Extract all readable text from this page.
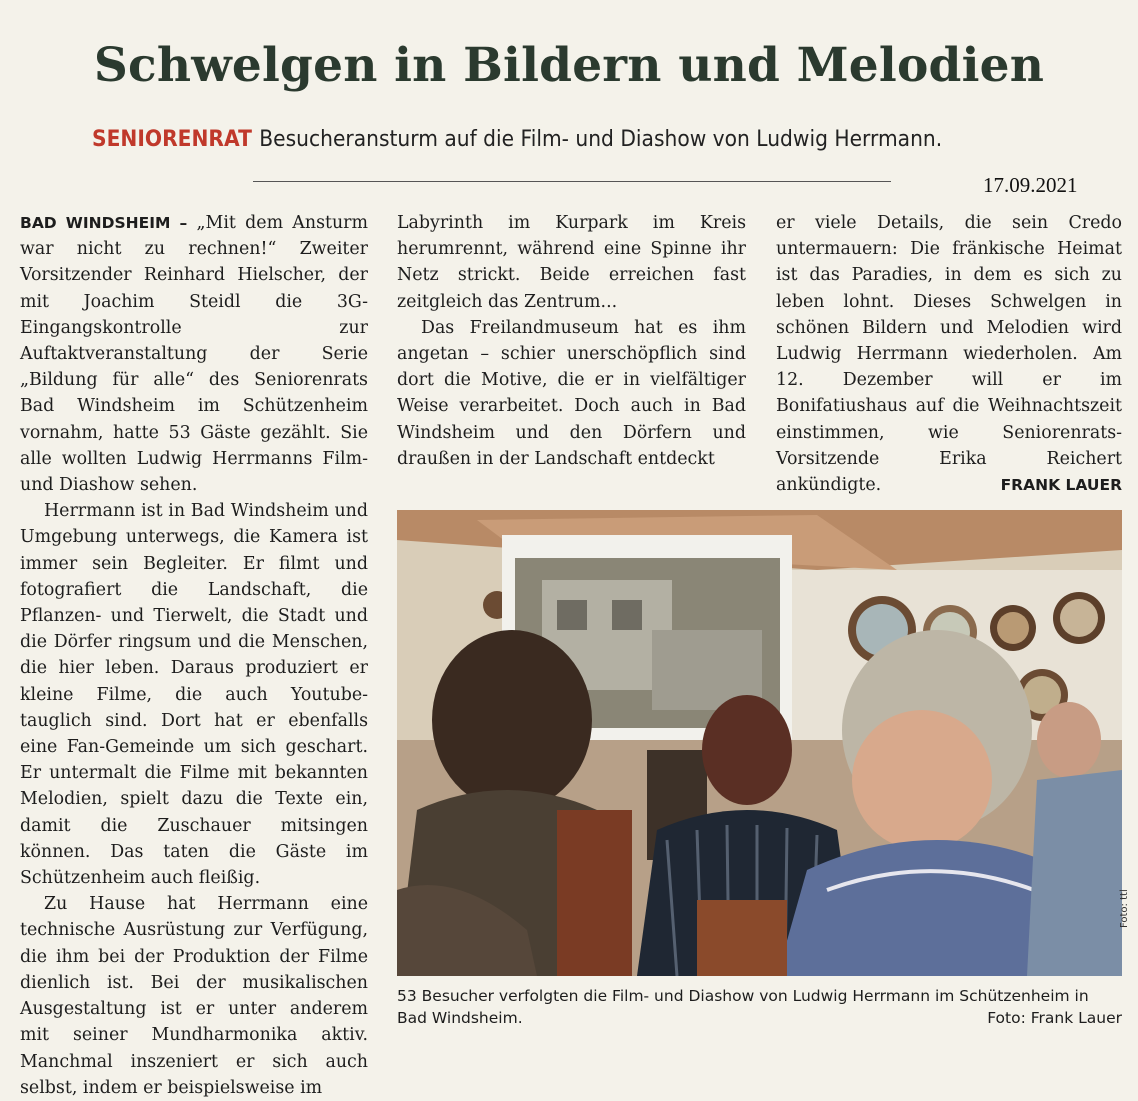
Schwelgen in Bildern und Melodien
SENIORENRAT Besucheransturm auf die Film- und Diashow von Ludwig Herrmann.
17.09.2021

BAD WINDSHEIM – „Mit dem Ansturm war nicht zu rechnen!“ Zweiter Vorsitzender Reinhard Hielscher, der mit Joachim Steidl die 3G-Eingangskontrolle zur Auftaktveranstaltung der Serie „Bildung für alle“ des Seniorenrats Bad Windsheim im Schützenheim vornahm, hatte 53 Gäste gezählt. Sie alle wollten Ludwig Herrmanns Film- und Diashow sehen.

Herrmann ist in Bad Windsheim und Umgebung unterwegs, die Kamera ist immer sein Begleiter. Er filmt und fotografiert die Landschaft, die Pflanzen- und Tierwelt, die Stadt und die Dörfer ringsum und die Menschen, die hier leben. Daraus produziert er kleine Filme, die auch Youtube-tauglich sind. Dort hat er ebenfalls eine Fan-Gemeinde um sich geschart. Er untermalt die Filme mit bekannten Melodien, spielt dazu die Texte ein, damit die Zuschauer mitsingen können. Das taten die Gäste im Schützenheim auch fleißig.

Zu Hause hat Herrmann eine technische Ausrüstung zur Verfügung, die ihm bei der Produktion der Filme dienlich ist. Bei der musikalischen Ausgestaltung ist er unter anderem mit seiner Mundharmonika aktiv. Manchmal inszeniert er sich auch selbst, indem er beispielsweise im

Labyrinth im Kurpark im Kreis herumrennt, während eine Spinne ihr Netz strickt. Beide erreichen fast zeitgleich das Zentrum...

Das Freilandmuseum hat es ihm angetan – schier unerschöpflich sind dort die Motive, die er in vielfältiger Weise verarbeitet. Doch auch in Bad Windsheim und den Dörfern und draußen in der Landschaft entdeckt

er viele Details, die sein Credo untermauern: Die fränkische Heimat ist das Paradies, in dem es sich zu leben lohnt. Dieses Schwelgen in schönen Bildern und Melodien wird Ludwig Herrmann wiederholen. Am 12. Dezember will er im Bonifatiushaus auf die Weihnachtszeit einstimmen, wie Seniorenrats-Vorsitzende Erika Reichert ankündigte.	FRANK LAUER

Foto: ttl
53 Besucher verfolgten die Film- und Diashow von Ludwig Herrmann im Schützenheim in Bad Windsheim.	Foto: Frank Lauer
